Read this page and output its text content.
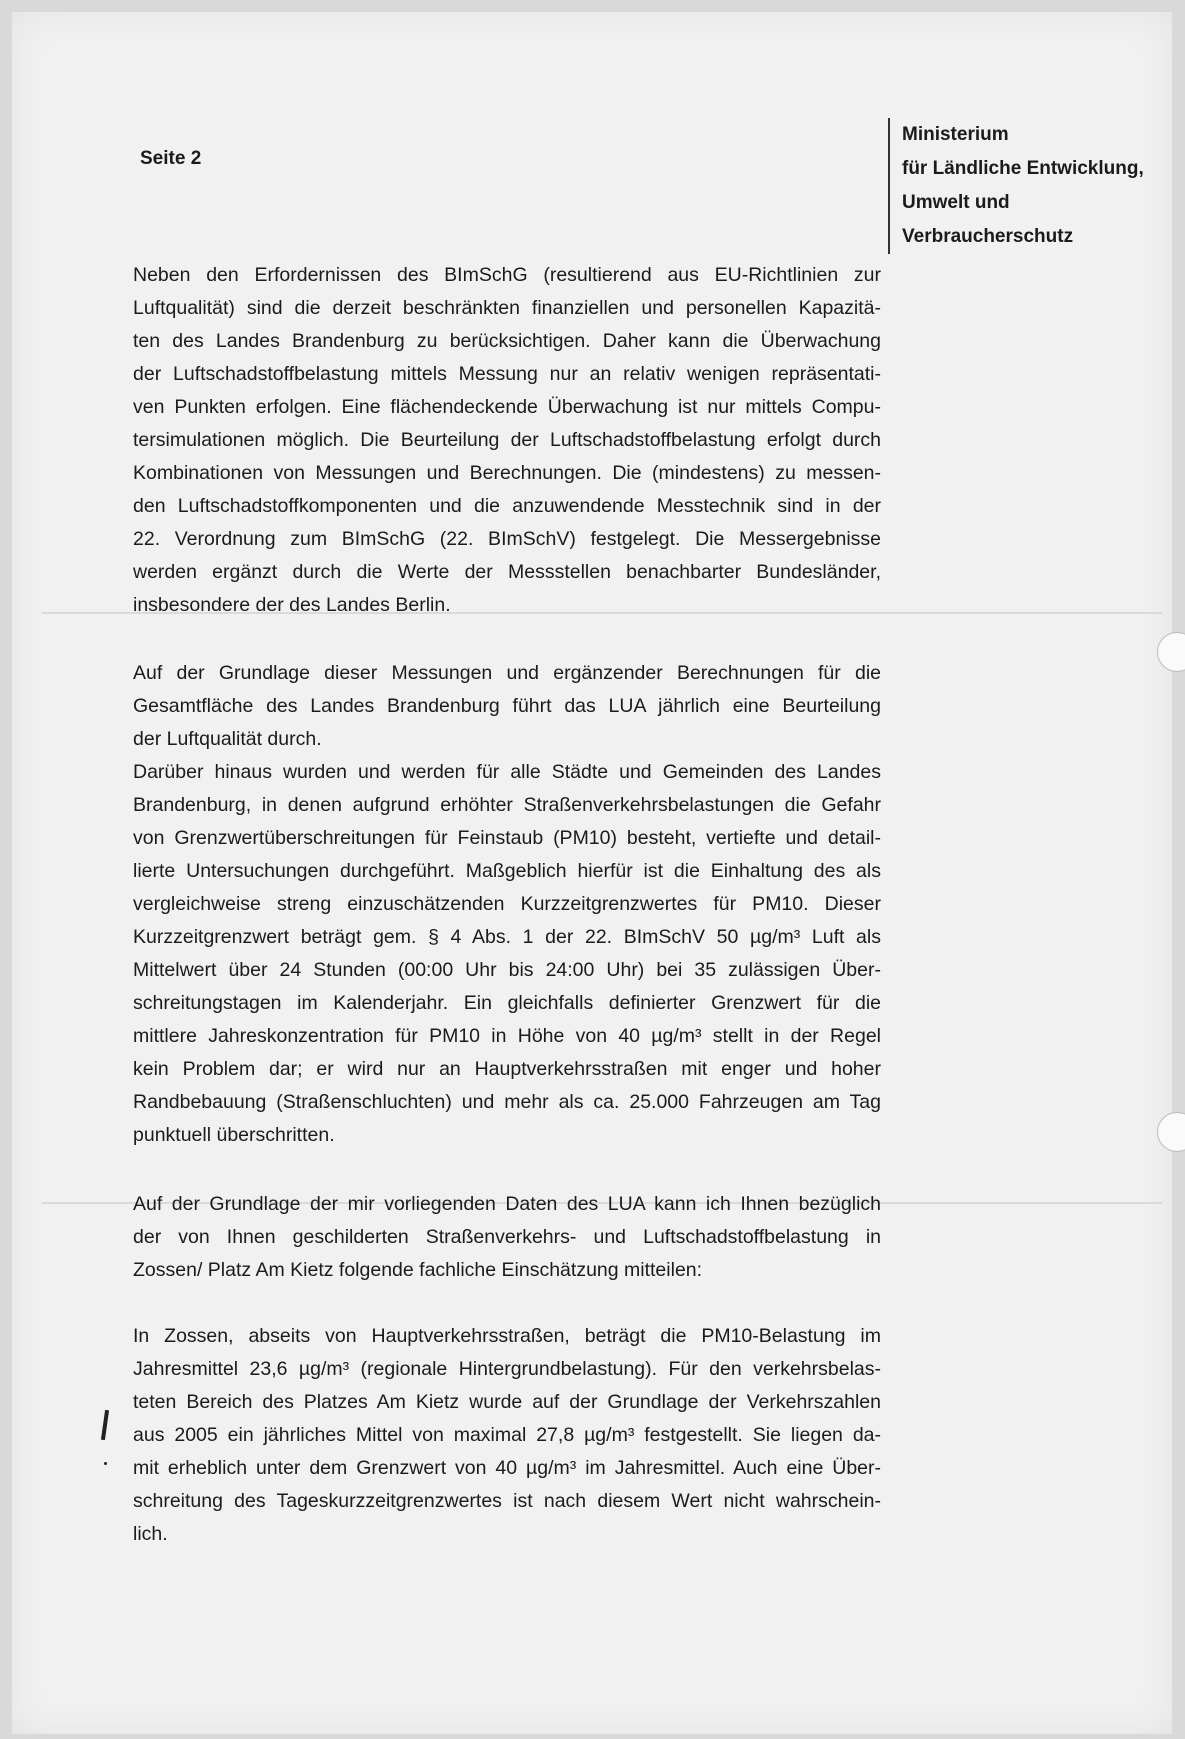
Seite 2
Ministerium
für Ländliche Entwicklung,
Umwelt und
Verbraucherschutz
Neben den Erfordernissen des BImSchG (resultierend aus EU-Richtlinien zur
Luftqualität) sind die derzeit beschränkten finanziellen und personellen Kapazitä-
ten des Landes Brandenburg zu berücksichtigen. Daher kann die Überwachung
der Luftschadstoffbelastung mittels Messung nur an relativ wenigen repräsentati-
ven Punkten erfolgen. Eine flächendeckende Überwachung ist nur mittels Compu-
tersimulationen möglich. Die Beurteilung der Luftschadstoffbelastung erfolgt durch
Kombinationen von Messungen und Berechnungen. Die (mindestens) zu messen-
den Luftschadstoffkomponenten und die anzuwendende Messtechnik sind in der
22. Verordnung zum BImSchG (22. BImSchV) festgelegt. Die Messergebnisse
werden ergänzt durch die Werte der Messstellen benachbarter Bundesländer,
insbesondere der des Landes Berlin.
Auf der Grundlage dieser Messungen und ergänzender Berechnungen für die
Gesamtfläche des Landes Brandenburg führt das LUA jährlich eine Beurteilung
der Luftqualität durch.
Darüber hinaus wurden und werden für alle Städte und Gemeinden des Landes
Brandenburg, in denen aufgrund erhöhter Straßenverkehrsbelastungen die Gefahr
von Grenzwertüberschreitungen für Feinstaub (PM10) besteht, vertiefte und detail-
lierte Untersuchungen durchgeführt. Maßgeblich hierfür ist die Einhaltung des als
vergleichweise streng einzuschätzenden Kurzzeitgrenzwertes für PM10. Dieser
Kurzzeitgrenzwert beträgt gem. § 4 Abs. 1 der 22. BImSchV 50 µg/m³ Luft als
Mittelwert über 24 Stunden (00:00 Uhr bis 24:00 Uhr) bei 35 zulässigen Über-
schreitungstagen im Kalenderjahr. Ein gleichfalls definierter Grenzwert für die
mittlere Jahreskonzentration für PM10 in Höhe von 40 µg/m³ stellt in der Regel
kein Problem dar; er wird nur an Hauptverkehrsstraßen mit enger und hoher
Randbebauung (Straßenschluchten) und mehr als ca. 25.000 Fahrzeugen am Tag
punktuell überschritten.
Auf der Grundlage der mir vorliegenden Daten des LUA kann ich Ihnen bezüglich
der von Ihnen geschilderten Straßenverkehrs- und Luftschadstoffbelastung in
Zossen/ Platz Am Kietz folgende fachliche Einschätzung mitteilen:
In Zossen, abseits von Hauptverkehrsstraßen, beträgt die PM10-Belastung im
Jahresmittel 23,6 µg/m³ (regionale Hintergrundbelastung). Für den verkehrsbelas-
teten Bereich des Platzes Am Kietz wurde auf der Grundlage der Verkehrszahlen
aus 2005 ein jährliches Mittel von maximal 27,8 µg/m³ festgestellt. Sie liegen da-
mit erheblich unter dem Grenzwert von 40 µg/m³ im Jahresmittel. Auch eine Über-
schreitung des Tageskurzzeitgrenzwertes ist nach diesem Wert nicht wahrschein-
lich.
